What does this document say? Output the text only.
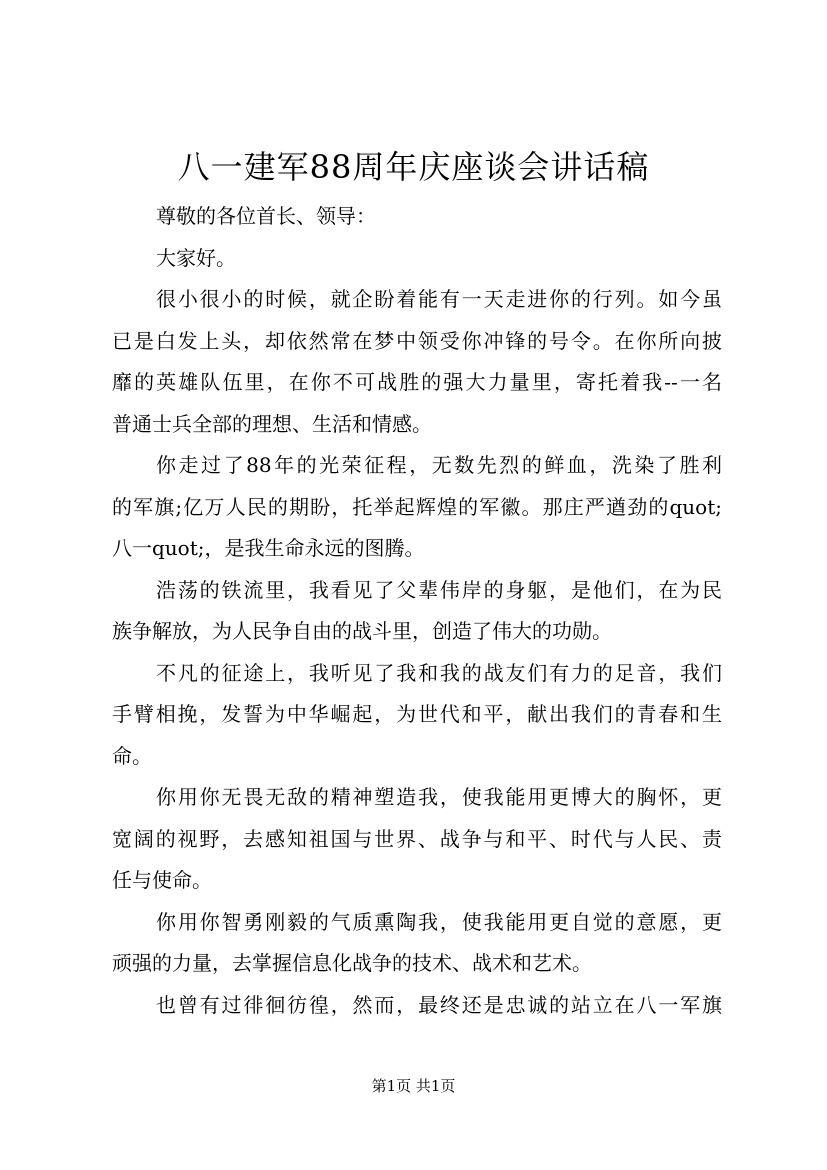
八一建军88周年庆座谈会讲话稿
尊敬的各位首长、领导：
大家好。
很小很小的时候，就企盼着能有一天走进你的行列。如今虽
已是白发上头，却依然常在梦中领受你冲锋的号令。在你所向披
靡的英雄队伍里，在你不可战胜的强大力量里，寄托着我--一名
普通士兵全部的理想、生活和情感。
你走过了88年的光荣征程，无数先烈的鲜血，洗染了胜利
的军旗;亿万人民的期盼，托举起辉煌的军徽。那庄严遒劲的quot;
八一quot;，是我生命永远的图腾。
浩荡的铁流里，我看见了父辈伟岸的身躯，是他们，在为民
族争解放，为人民争自由的战斗里，创造了伟大的功勋。
不凡的征途上，我听见了我和我的战友们有力的足音，我们
手臂相挽，发誓为中华崛起，为世代和平，献出我们的青春和生
命。
你用你无畏无敌的精神塑造我，使我能用更博大的胸怀，更
宽阔的视野，去感知祖国与世界、战争与和平、时代与人民、责
任与使命。
你用你智勇刚毅的气质熏陶我，使我能用更自觉的意愿，更
顽强的力量，去掌握信息化战争的技术、战术和艺术。
也曾有过徘徊彷徨，然而，最终还是忠诚的站立在八一军旗
第1页 共1页
